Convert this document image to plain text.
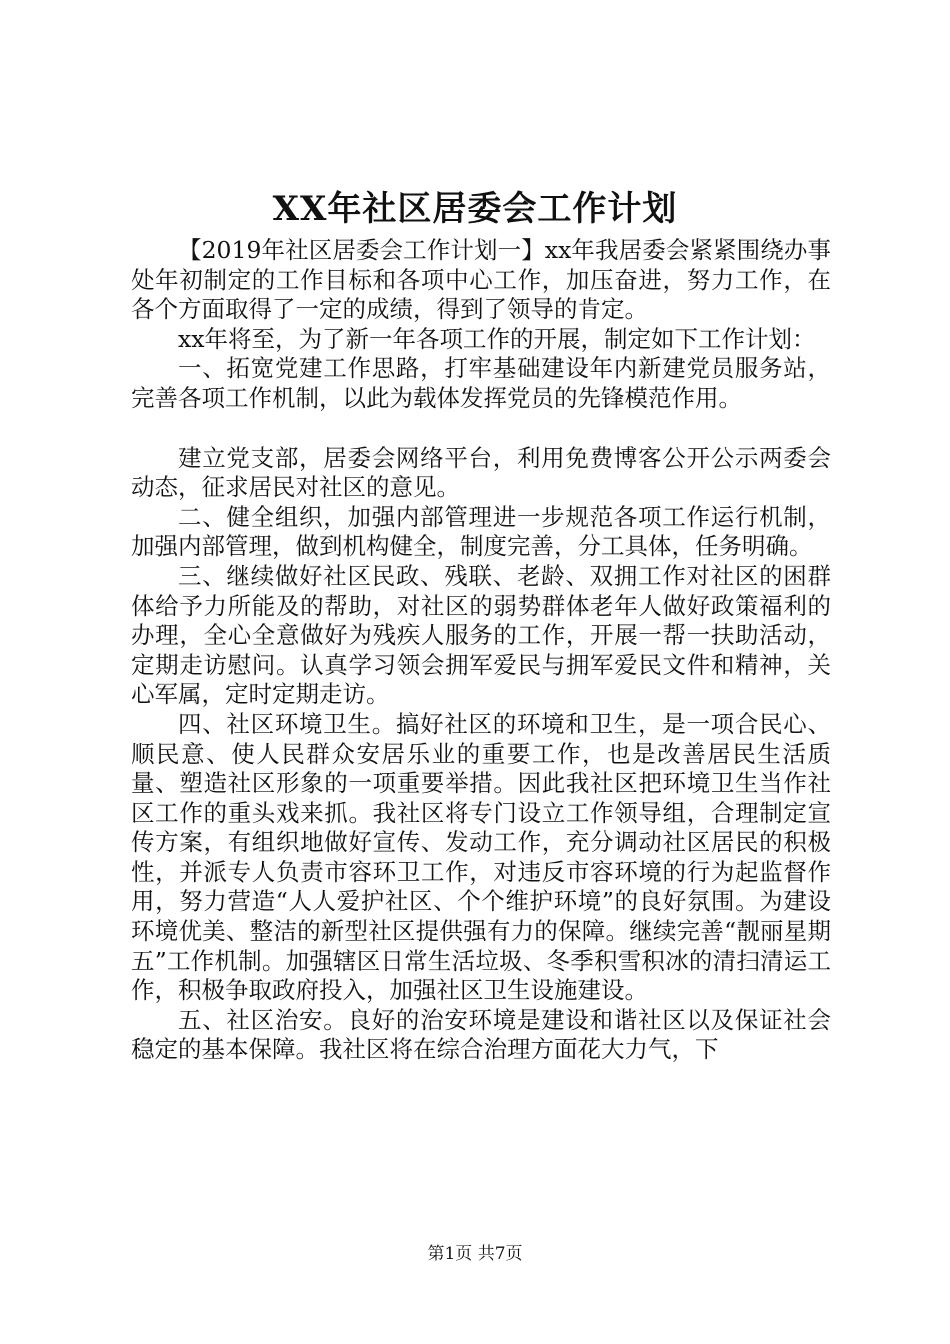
XX年社区居委会工作计划

【2019年社区居委会工作计划一】xx年我居委会紧紧围绕办事处年初制定的工作目标和各项中心工作，加压奋进，努力工作，在各个方面取得了一定的成绩，得到了领导的肯定。

xx年将至，为了新一年各项工作的开展，制定如下工作计划：

一、拓宽党建工作思路，打牢基础建设年内新建党员服务站，完善各项工作机制，以此为载体发挥党员的先锋模范作用。

建立党支部，居委会网络平台，利用免费博客公开公示两委会动态，征求居民对社区的意见。

二、健全组织，加强内部管理进一步规范各项工作运行机制，加强内部管理，做到机构健全，制度完善，分工具体，任务明确。

三、继续做好社区民政、残联、老龄、双拥工作对社区的困群体给予力所能及的帮助，对社区的弱势群体老年人做好政策福利的办理，全心全意做好为残疾人服务的工作，开展一帮一扶助活动，定期走访慰问。认真学习领会拥军爱民与拥军爱民文件和精神，关心军属，定时定期走访。

四、社区环境卫生。搞好社区的环境和卫生，是一项合民心、顺民意、使人民群众安居乐业的重要工作，也是改善居民生活质量、塑造社区形象的一项重要举措。因此我社区把环境卫生当作社区工作的重头戏来抓。我社区将专门设立工作领导组，合理制定宣传方案，有组织地做好宣传、发动工作，充分调动社区居民的积极性，并派专人负责市容环卫工作，对违反市容环境的行为起监督作用，努力营造“人人爱护社区、个个维护环境”的良好氛围。为建设环境优美、整洁的新型社区提供强有力的保障。继续完善“靓丽星期五”工作机制。加强辖区日常生活垃圾、冬季积雪积冰的清扫清运工作，积极争取政府投入，加强社区卫生设施建设。

五、社区治安。良好的治安环境是建设和谐社区以及保证社会稳定的基本保障。我社区将在综合治理方面花大力气，下

第1页 共7页
